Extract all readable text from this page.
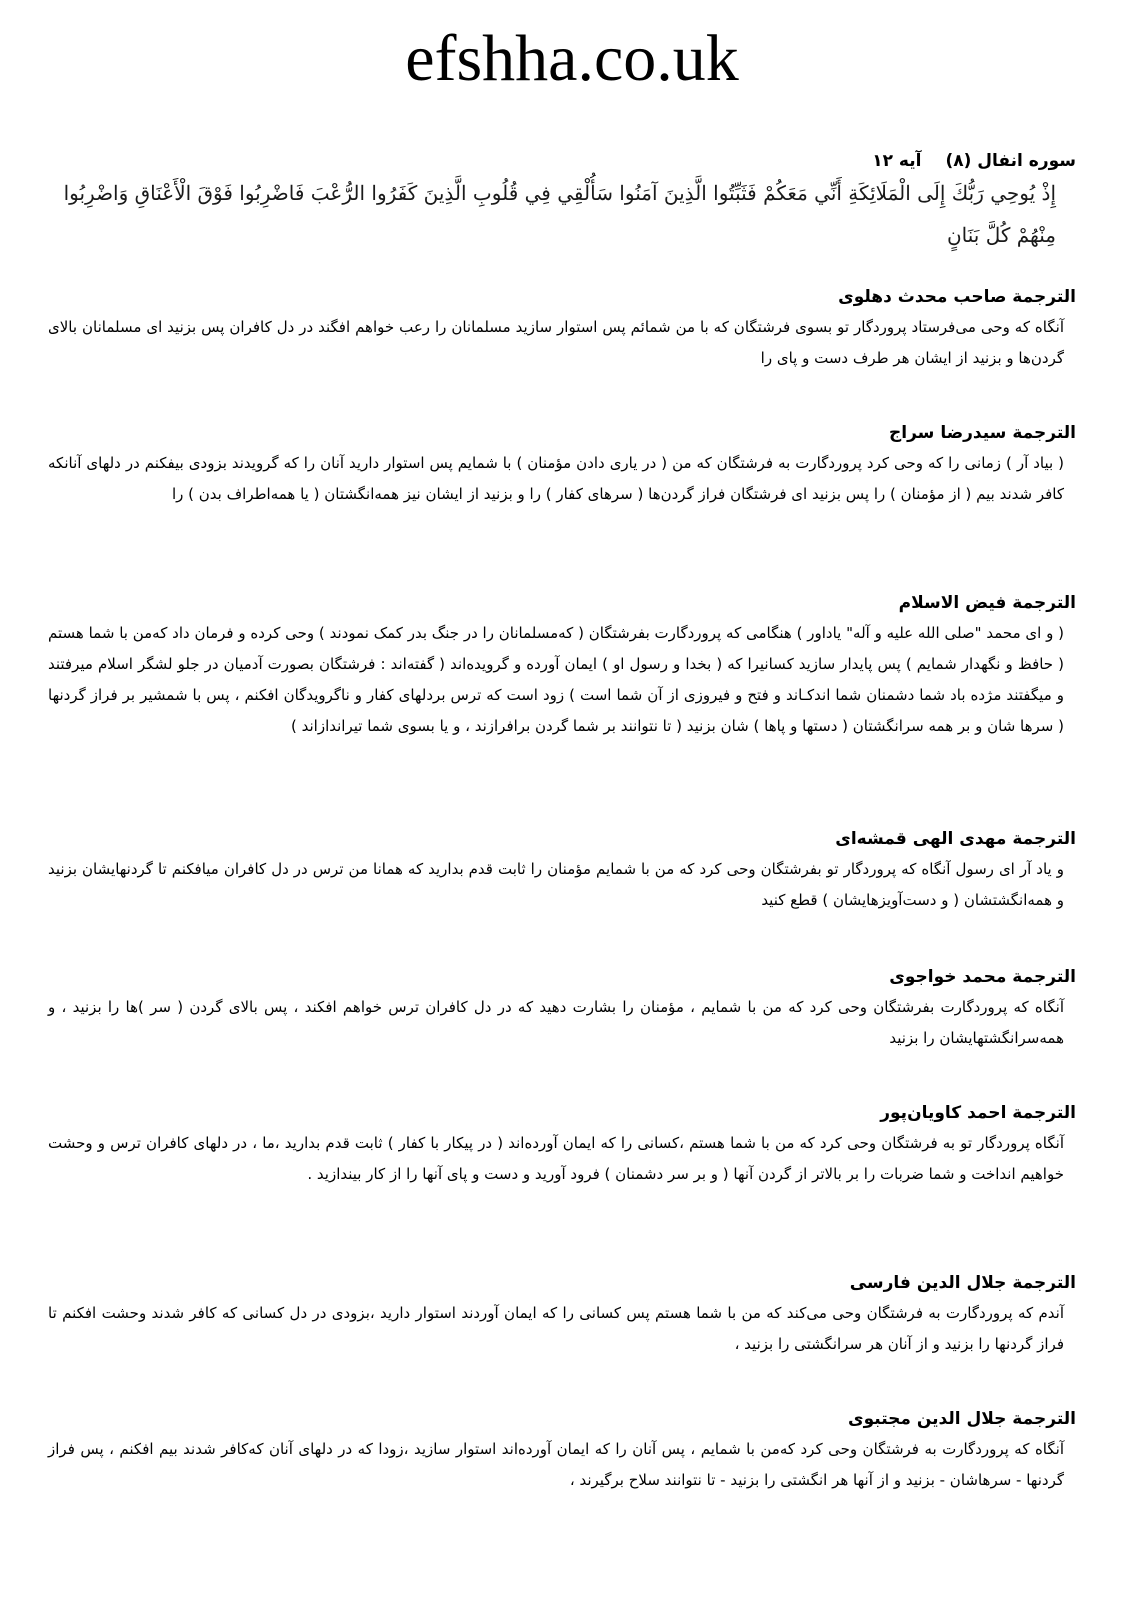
efshha.co.uk

سوره انفال (۸)آیه ۱۲

إِذْ يُوحِي رَبُّكَ إِلَى الْمَلَائِكَةِ أَنِّي مَعَكُمْ فَثَبِّتُوا الَّذِينَ آمَنُوا سَأُلْقِي فِي قُلُوبِ الَّذِينَ كَفَرُوا الرُّعْبَ فَاضْرِبُوا فَوْقَ الْأَعْنَاقِ وَاضْرِبُوا مِنْهُمْ كُلَّ بَنَانٍ

الترجمة صاحب محدث دهلوی

آنگاه که وحی می‌فرستاد پروردگار تو بسوی فرشتگان که با من شمائم پس استوار سازید مسلمانان را رعب خواهم افگند در دل کافران پس بزنید ای مسلمانان بالای گردن‌ها و بزنید از ایشان هر طرف دست و پای را

الترجمة سیدرضا سراج

( بیاد آر ) زمانی را که وحی کرد پروردگارت به فرشتگان که من ( در یاری دادن مؤمنان ) با شمایم پس استوار دارید آنان را که گرویدند بزودی بیفکنم در دلهای آنانکه کافر شدند بیم ( از مؤمنان ) را پس بزنید ای فرشتگان فراز گردن‌ها ( سرهای کفار ) را و بزنید از ایشان نیز همه‌انگشتان ( یا همه‌اطراف بدن ) را

الترجمة فیض الاسلام

( و ای محمد "صلی الله علیه و آله" یاداور ) هنگامی که پروردگارت بفرشتگان ( که‌مسلمانان را در جنگ بدر کمک نمودند ) وحی کرده و فرمان داد که‌من با شما هستم ( حافظ و نگهدار شمایم ) پس پایدار سازید کسانیرا که ( بخدا و رسول او ) ایمان آورده و گرویده‌اند ( گفته‌اند : فرشتگان بصورت آدمیان در جلو لشگر اسلام میرفتند و میگفتند مژده باد شما دشمنان شما اندکـاند و فتح و فیروزی از آن شما است ) زود است که ترس بردلهای کفار و ناگرویدگان افکنم ، پس با شمشیر بر فراز گردنها ( سرها شان و بر همه سرانگشتان ( دستها و پاها ) شان بزنید ( تا نتوانند بر شما گردن برافرازند ، و یا بسوی شما تیراندازاند )

الترجمة مهدی الهی قمشه‌ای

و یاد آر ای رسول آنگاه که پروردگار تو بفرشتگان وحی کرد که من با شمایم مؤمنان را ثابت قدم بدارید که همانا من ترس در دل کافران میافکنم تا گردنهایشان بزنید و همه‌انگشتشان ( و دست‌آویزهایشان ) قطع کنید

الترجمة محمد خواجوی

آنگاه که پروردگارت بفرشتگان وحی کرد که من با شمایم ، مؤمنان را بشارت دهید که در دل کافران ترس خواهم افکند ، پس بالای گردن ( سر )ها را بزنید ، و همه‌سرانگشتهایشان را بزنید

الترجمة احمد کاویان‌پور

آنگاه پروردگار تو به فرشتگان وحی کرد که من با شما هستم ،کسانی را که ایمان آورده‌اند ( در پیکار با کفار ) ثابت قدم بدارید ،ما ، در دلهای کافران ترس و وحشت خواهیم انداخت و شما ضربات را بر بالاتر از گردن آنها ( و بر سر دشمنان ) فرود آورید و دست و پای آنها را از کار بیندازید .

الترجمة جلال الدین فارسی

آندم که پروردگارت به فرشتگان وحی می‌کند که من با شما هستم پس کسانی را که ایمان آوردند استوار دارید ،بزودی در دل کسانی که کافر شدند وحشت افکنم تا فراز گردنها را بزنید و از آنان هر سرانگشتی را بزنید ،

الترجمة جلال الدین مجتبوی

آنگاه که پروردگارت به فرشتگان وحی کرد که‌من با شمایم ، پس آنان را که ایمان آورده‌اند استوار سازید ،زودا که در دلهای آنان که‌کافر شدند بیم افکنم ، پس فراز گردنها - سرهاشان - بزنید و از آنها هر انگشتی را بزنید - تا نتوانند سلاح برگیرند ،
